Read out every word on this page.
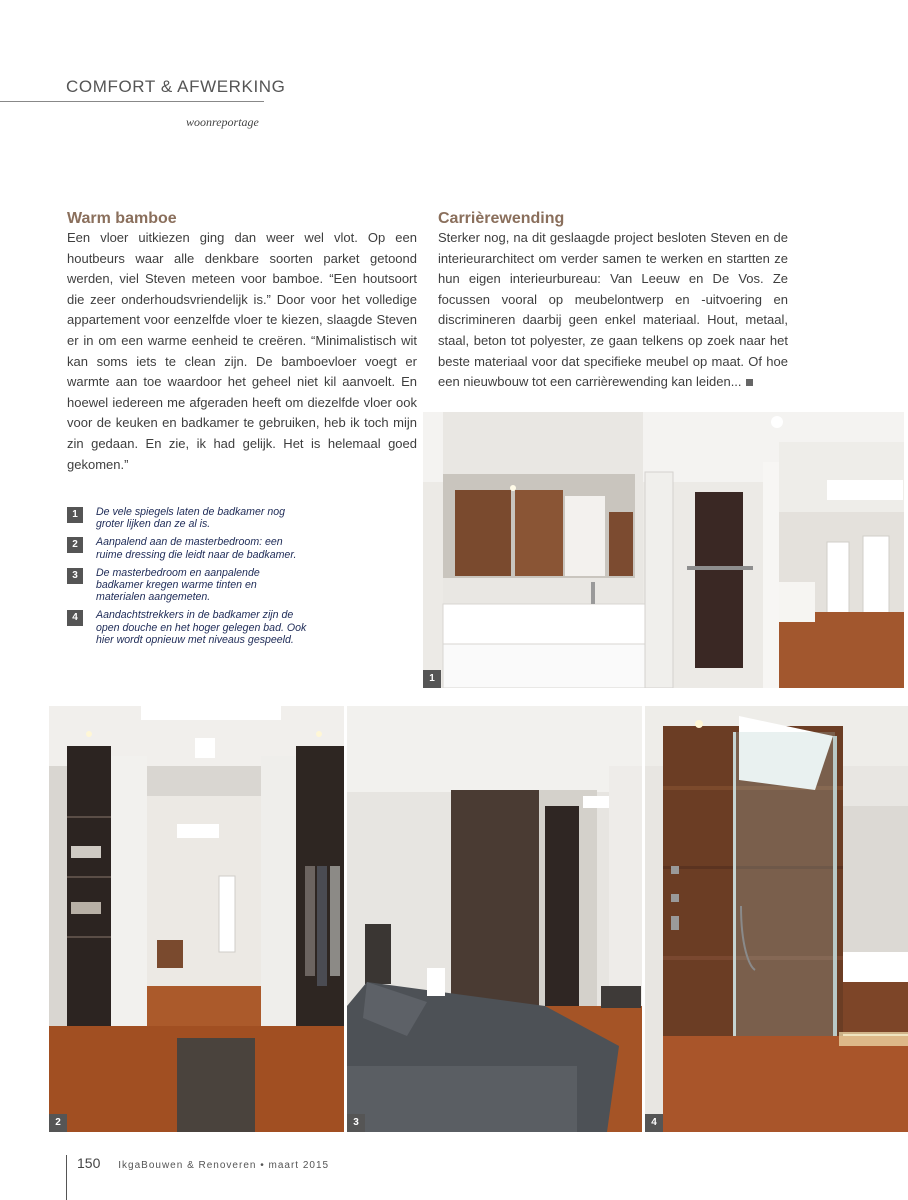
COMFORT & AFWERKING
woonreportage
Warm bamboe
Een vloer uitkiezen ging dan weer wel vlot. Op een houtbeurs waar alle denkbare soorten parket getoond werden, viel Steven meteen voor bamboe. “Een houtsoort die zeer onderhoudsvriendelijk is.” Door voor het volledige appartement voor eenzelfde vloer te kiezen, slaagde Steven er in om een warme eenheid te creëren. “Minimalistisch wit kan soms iets te clean zijn. De bamboevloer voegt er warmte aan toe waardoor het geheel niet kil aanvoelt. En hoewel iedereen me afgeraden heeft om diezelfde vloer ook voor de keuken en badkamer te gebruiken, heb ik toch mijn zin gedaan. En zie, ik had gelijk. Het is helemaal goed gekomen.”
Carrièrewending
Sterker nog, na dit geslaagde project besloten Steven en de interieurarchitect om verder samen te werken en startten ze hun eigen interieurbureau: Van Leeuw en De Vos. Ze focussen vooral op meubelontwerp en -uitvoering en discrimineren daarbij geen enkel materiaal. Hout, metaal, staal, beton tot polyester, ze gaan telkens op zoek naar het beste materiaal voor dat specifieke meubel op maat. Of hoe een nieuwbouw tot een carrièrewending kan leiden...
1	De vele spiegels laten de badkamer nog groter lijken dan ze al is.
2	Aanpalend aan de masterbedroom: een ruime dressing die leidt naar de badkamer.
3	De masterbedroom en aanpalende badkamer kregen warme tinten en materialen aangemeten.
4	Aandachtstrekkers in de badkamer zijn de open douche en het hoger gelegen bad. Ook hier wordt opnieuw met niveaus gespeeld.
1
2	3	4
150 IkgaBouwen & Renoveren • maart 2015
